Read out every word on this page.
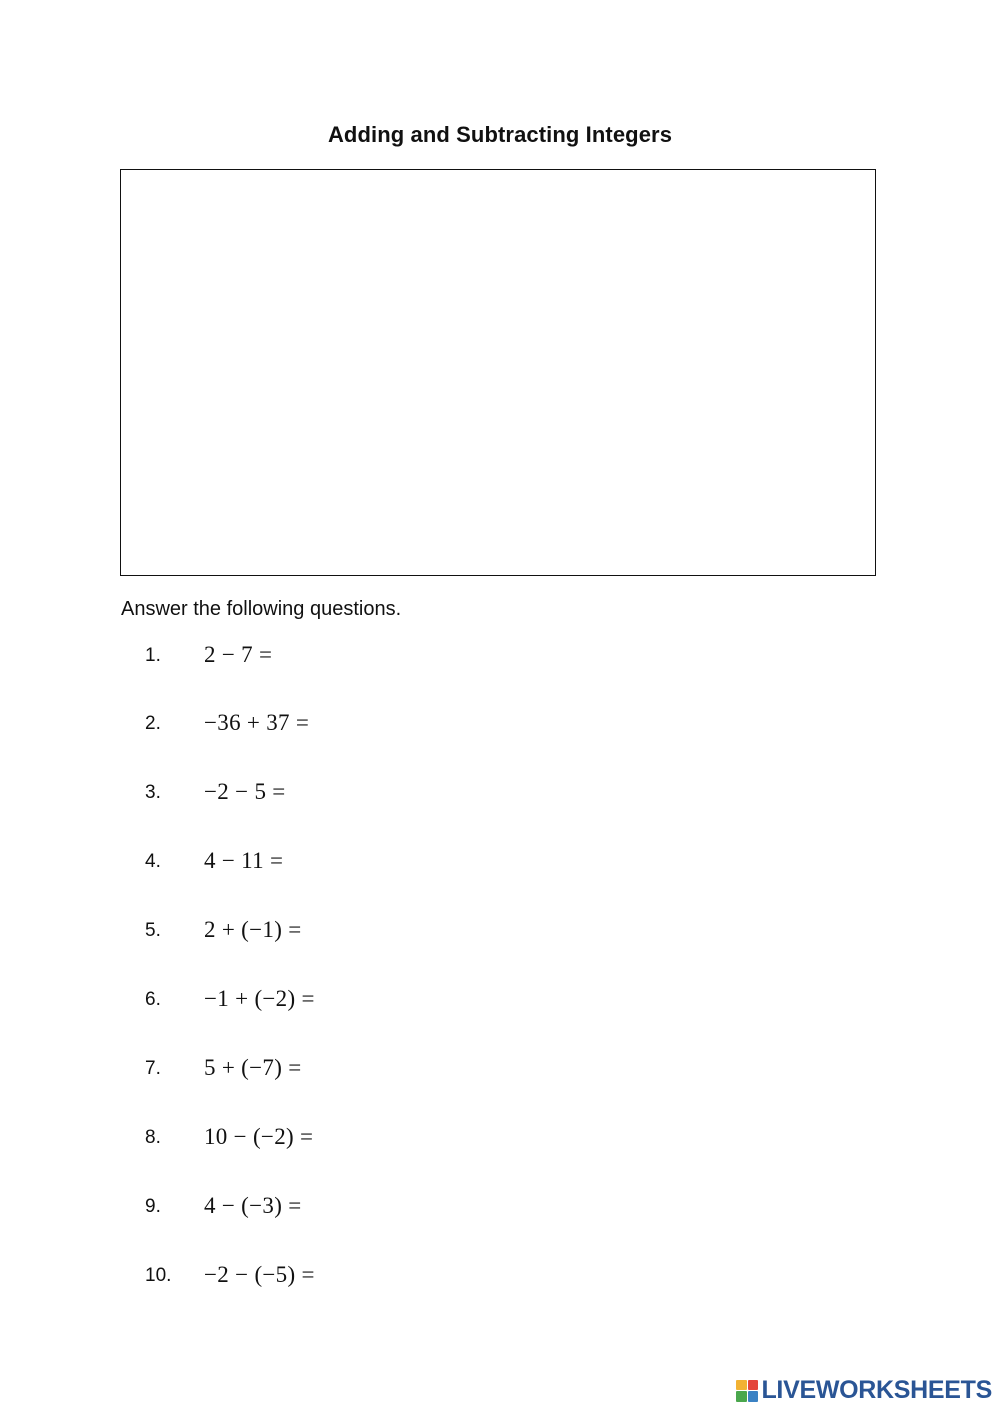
Adding and Subtracting Integers
Answer the following questions.
1. 2 − 7 =
2. −36 + 37 =
3. −2 − 5 =
4. 4 − 11 =
5. 2 + (−1) =
6. −1 + (−2) =
7. 5 + (−7) =
8. 10 − (−2) =
9. 4 − (−3) =
10. −2 − (−5) =
LIVEWORKSHEETS
